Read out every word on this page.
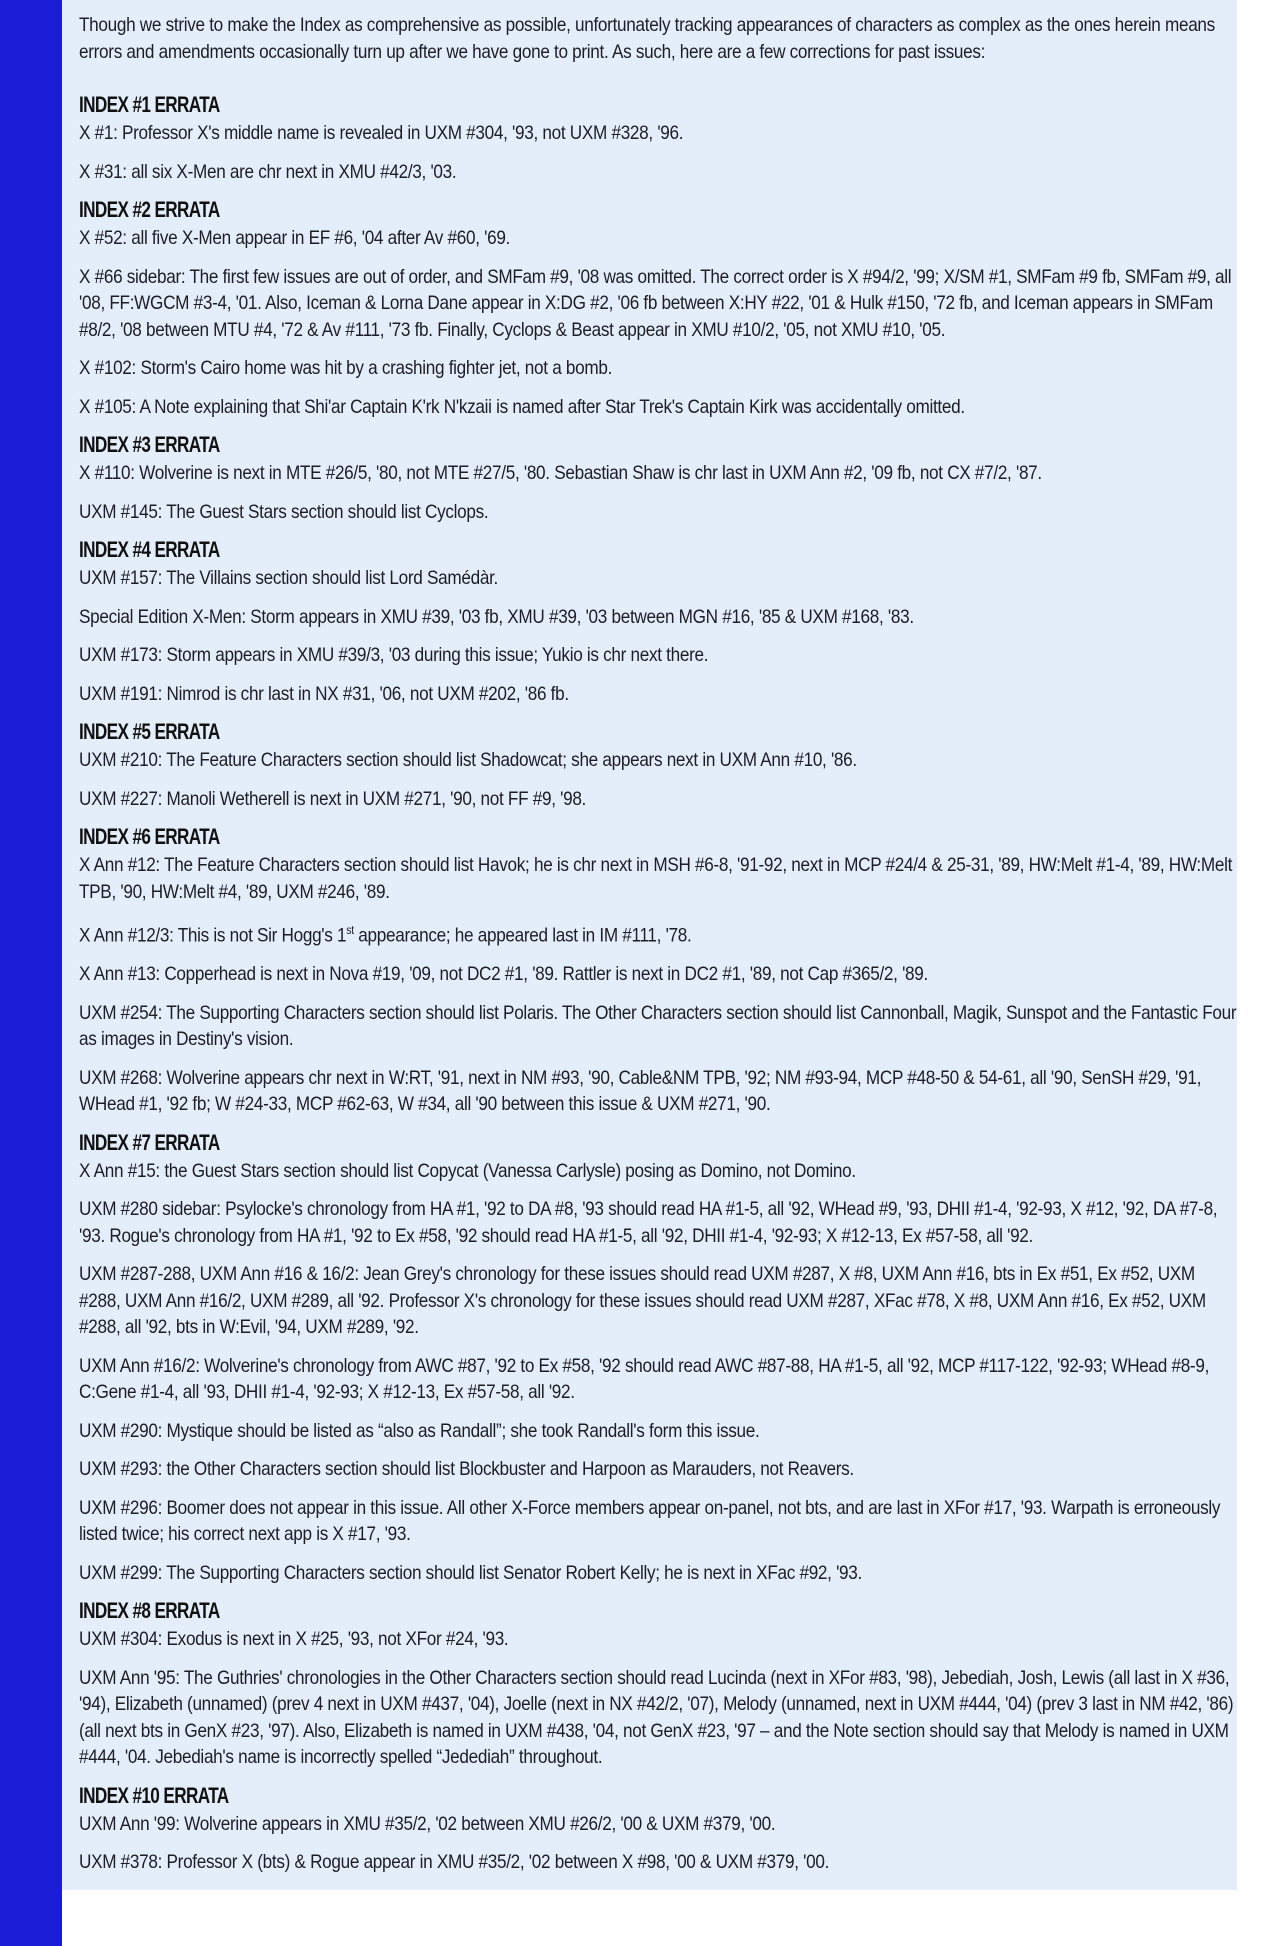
Though we strive to make the Index as comprehensive as possible, unfortunately tracking appearances of characters as complex as the ones herein means errors and amendments occasionally turn up after we have gone to print. As such, here are a few corrections for past issues:

INDEX #1 ERRATA

X #1: Professor X's middle name is revealed in UXM #304, '93, not UXM #328, '96.

X #31: all six X-Men are chr next in XMU #42/3, '03.

INDEX #2 ERRATA

X #52: all five X-Men appear in EF #6, '04 after Av #60, '69.

X #66 sidebar: The first few issues are out of order, and SMFam #9, '08 was omitted. The correct order is X #94/2, '99; X/SM #1, SMFam #9 fb, SMFam #9, all '08, FF:WGCM #3-4, '01. Also, Iceman & Lorna Dane appear in X:DG #2, '06 fb between X:HY #22, '01 & Hulk #150, '72 fb, and Iceman appears in SMFam #8/2, '08 between MTU #4, '72 & Av #111, '73 fb. Finally, Cyclops & Beast appear in XMU #10/2, '05, not XMU #10, '05.

X #102: Storm's Cairo home was hit by a crashing fighter jet, not a bomb.

X #105: A Note explaining that Shi'ar Captain K'rk N'kzaii is named after Star Trek's Captain Kirk was accidentally omitted.

INDEX #3 ERRATA

X #110: Wolverine is next in MTE #26/5, '80, not MTE #27/5, '80. Sebastian Shaw is chr last in UXM Ann #2, '09 fb, not CX #7/2, '87.

UXM #145: The Guest Stars section should list Cyclops.

INDEX #4 ERRATA

UXM #157: The Villains section should list Lord Samédàr.

Special Edition X-Men: Storm appears in XMU #39, '03 fb, XMU #39, '03 between MGN #16, '85 & UXM #168, '83.

UXM #173: Storm appears in XMU #39/3, '03 during this issue; Yukio is chr next there.

UXM #191: Nimrod is chr last in NX #31, '06, not UXM #202, '86 fb.

INDEX #5 ERRATA

UXM #210: The Feature Characters section should list Shadowcat; she appears next in UXM Ann #10, '86.

UXM #227: Manoli Wetherell is next in UXM #271, '90, not FF #9, '98.

INDEX #6 ERRATA

X Ann #12: The Feature Characters section should list Havok; he is chr next in MSH #6-8, '91-92, next in MCP #24/4 & 25-31, '89, HW:Melt #1-4, '89, HW:Melt TPB, '90, HW:Melt #4, '89, UXM #246, '89.

X Ann #12/3: This is not Sir Hogg's 1st appearance; he appeared last in IM #111, '78.

X Ann #13: Copperhead is next in Nova #19, '09, not DC2 #1, '89. Rattler is next in DC2 #1, '89, not Cap #365/2, '89.

UXM #254: The Supporting Characters section should list Polaris. The Other Characters section should list Cannonball, Magik, Sunspot and the Fantastic Four as images in Destiny's vision.

UXM #268: Wolverine appears chr next in W:RT, '91, next in NM #93, '90, Cable&NM TPB, '92; NM #93-94, MCP #48-50 & 54-61, all '90, SenSH #29, '91, WHead #1, '92 fb; W #24-33, MCP #62-63, W #34, all '90 between this issue & UXM #271, '90.

INDEX #7 ERRATA

X Ann #15: the Guest Stars section should list Copycat (Vanessa Carlysle) posing as Domino, not Domino.

UXM #280 sidebar: Psylocke's chronology from HA #1, '92 to DA #8, '93 should read HA #1-5, all '92, WHead #9, '93, DHII #1-4, '92-93, X #12, '92, DA #7-8, '93. Rogue's chronology from HA #1, '92 to Ex #58, '92 should read HA #1-5, all '92, DHII #1-4, '92-93; X #12-13, Ex #57-58, all '92.

UXM #287-288, UXM Ann #16 & 16/2: Jean Grey's chronology for these issues should read UXM #287, X #8, UXM Ann #16, bts in Ex #51, Ex #52, UXM #288, UXM Ann #16/2, UXM #289, all '92. Professor X's chronology for these issues should read UXM #287, XFac #78, X #8, UXM Ann #16, Ex #52, UXM #288, all '92, bts in W:Evil, '94, UXM #289, '92.

UXM Ann #16/2: Wolverine's chronology from AWC #87, '92 to Ex #58, '92 should read AWC #87-88, HA #1-5, all '92, MCP #117-122, '92-93; WHead #8-9, C:Gene #1-4, all '93, DHII #1-4, '92-93; X #12-13, Ex #57-58, all '92.

UXM #290: Mystique should be listed as “also as Randall”; she took Randall's form this issue.

UXM #293: the Other Characters section should list Blockbuster and Harpoon as Marauders, not Reavers.

UXM #296: Boomer does not appear in this issue. All other X-Force members appear on-panel, not bts, and are last in XFor #17, '93. Warpath is erroneously listed twice; his correct next app is X #17, '93.

UXM #299: The Supporting Characters section should list Senator Robert Kelly; he is next in XFac #92, '93.

INDEX #8 ERRATA

UXM #304: Exodus is next in X #25, '93, not XFor #24, '93.

UXM Ann '95: The Guthries' chronologies in the Other Characters section should read Lucinda (next in XFor #83, '98), Jebediah, Josh, Lewis (all last in X #36, '94), Elizabeth (unnamed) (prev 4 next in UXM #437, '04), Joelle (next in NX #42/2, '07), Melody (unnamed, next in UXM #444, '04) (prev 3 last in NM #42, '86) (all next bts in GenX #23, '97). Also, Elizabeth is named in UXM #438, '04, not GenX #23, '97 – and the Note section should say that Melody is named in UXM #444, '04. Jebediah's name is incorrectly spelled “Jedediah” throughout.

INDEX #10 ERRATA

UXM Ann '99: Wolverine appears in XMU #35/2, '02 between XMU #26/2, '00 & UXM #379, '00.

UXM #378: Professor X (bts) & Rogue appear in XMU #35/2, '02 between X #98, '00 & UXM #379, '00.
